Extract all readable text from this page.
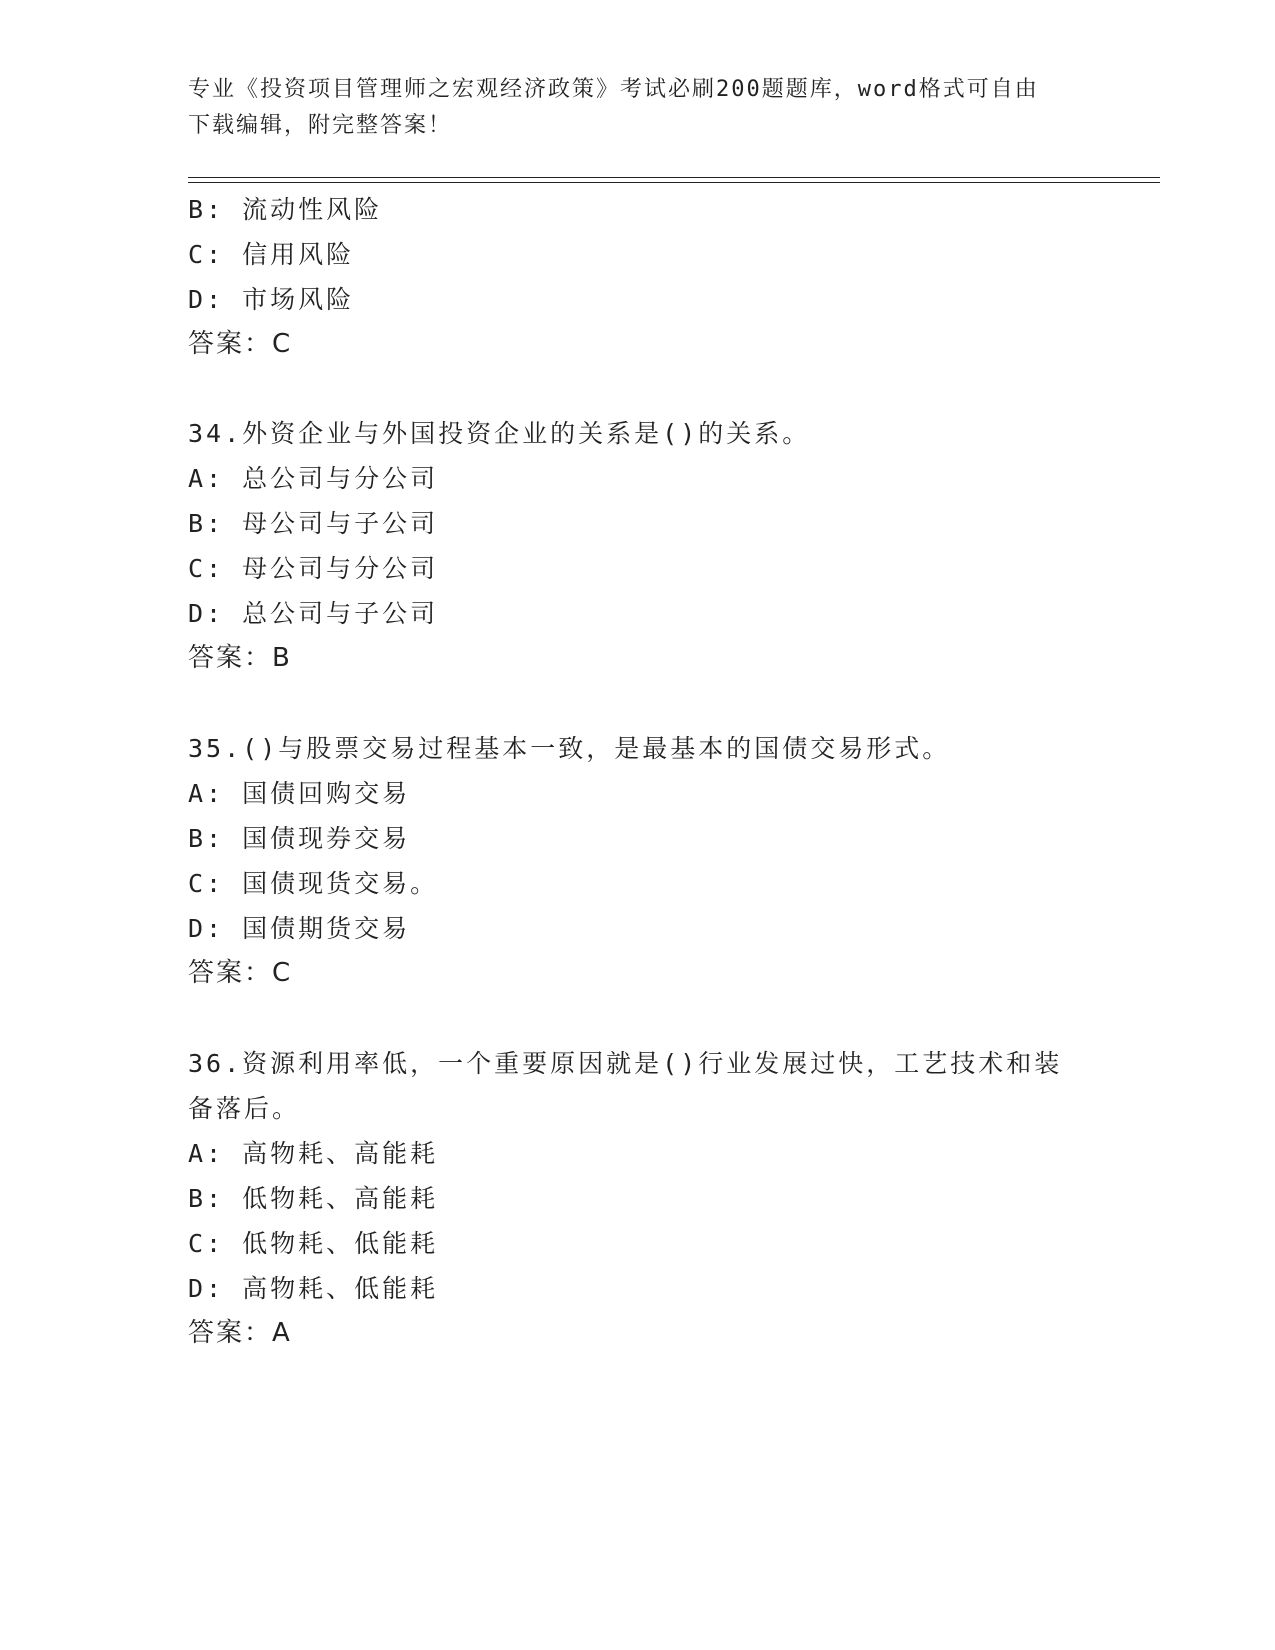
专业《投资项目管理师之宏观经济政策》考试必刷200题题库，word格式可自由
下载编辑，附完整答案！
B: 流动性风险
C: 信用风险
D: 市场风险
答案：C
34.外资企业与外国投资企业的关系是()的关系。
A: 总公司与分公司
B: 母公司与子公司
C: 母公司与分公司
D: 总公司与子公司
答案：B
35.()与股票交易过程基本一致，是最基本的国债交易形式。
A: 国债回购交易
B: 国债现券交易
C: 国债现货交易。
D: 国债期货交易
答案：C
36.资源利用率低，一个重要原因就是()行业发展过快，工艺技术和装
备落后。
A: 高物耗、高能耗
B: 低物耗、高能耗
C: 低物耗、低能耗
D: 高物耗、低能耗
答案：A
